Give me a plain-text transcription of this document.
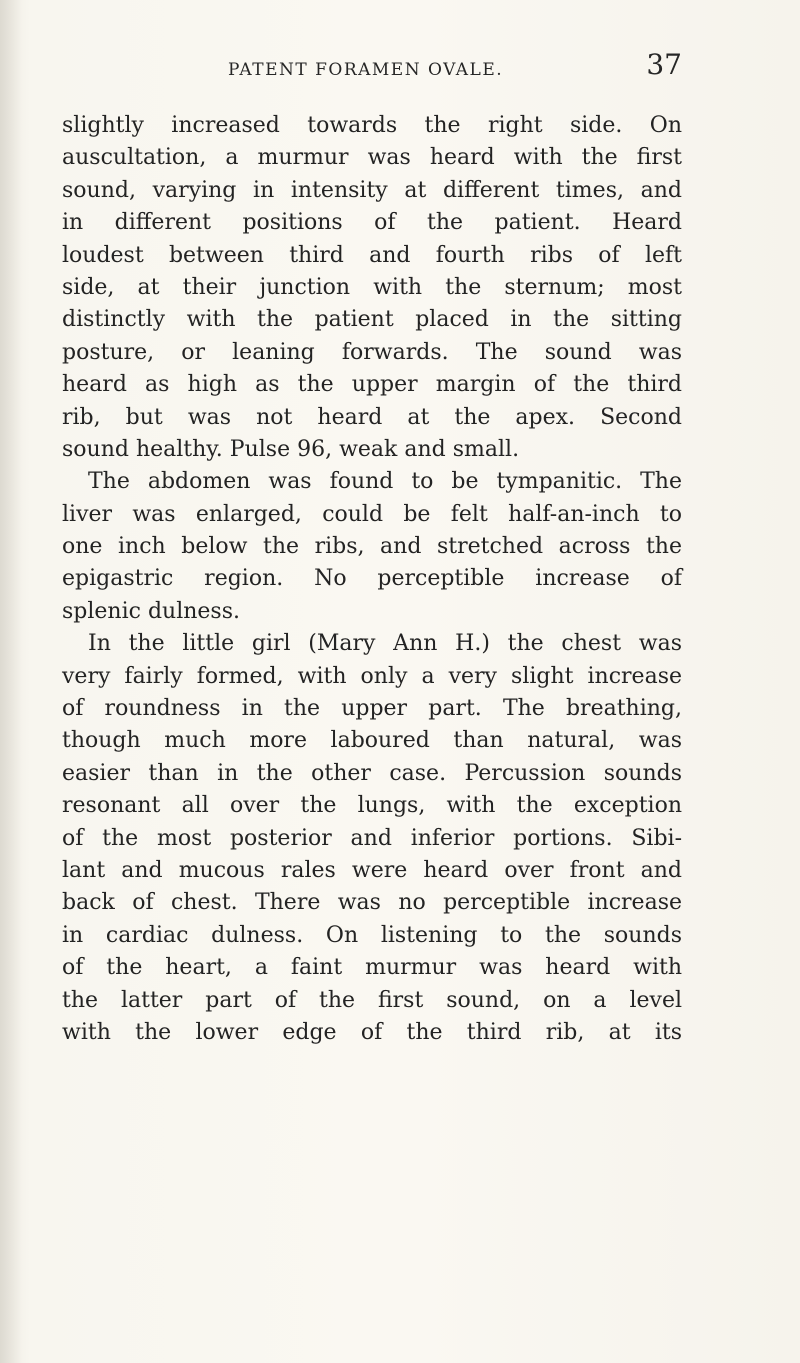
PATENT FORAMEN OVALE.	37
slightly increased towards the right side. On
auscultation, a murmur was heard with the first
sound, varying in intensity at different times, and
in different positions of the patient. Heard
loudest between third and fourth ribs of left
side, at their junction with the sternum; most
distinctly with the patient placed in the sitting
posture, or leaning forwards. The sound was
heard as high as the upper margin of the third
rib, but was not heard at the apex. Second
sound healthy. Pulse 96, weak and small.
The abdomen was found to be tympanitic. The
liver was enlarged, could be felt half-an-inch to
one inch below the ribs, and stretched across the
epigastric region. No perceptible increase of
splenic dulness.
In the little girl (Mary Ann H.) the chest was
very fairly formed, with only a very slight increase
of roundness in the upper part. The breathing,
though much more laboured than natural, was
easier than in the other case. Percussion sounds
resonant all over the lungs, with the exception
of the most posterior and inferior portions. Sibi-
lant and mucous rales were heard over front and
back of chest. There was no perceptible increase
in cardiac dulness. On listening to the sounds
of the heart, a faint murmur was heard with
the latter part of the first sound, on a level
with the lower edge of the third rib, at its
